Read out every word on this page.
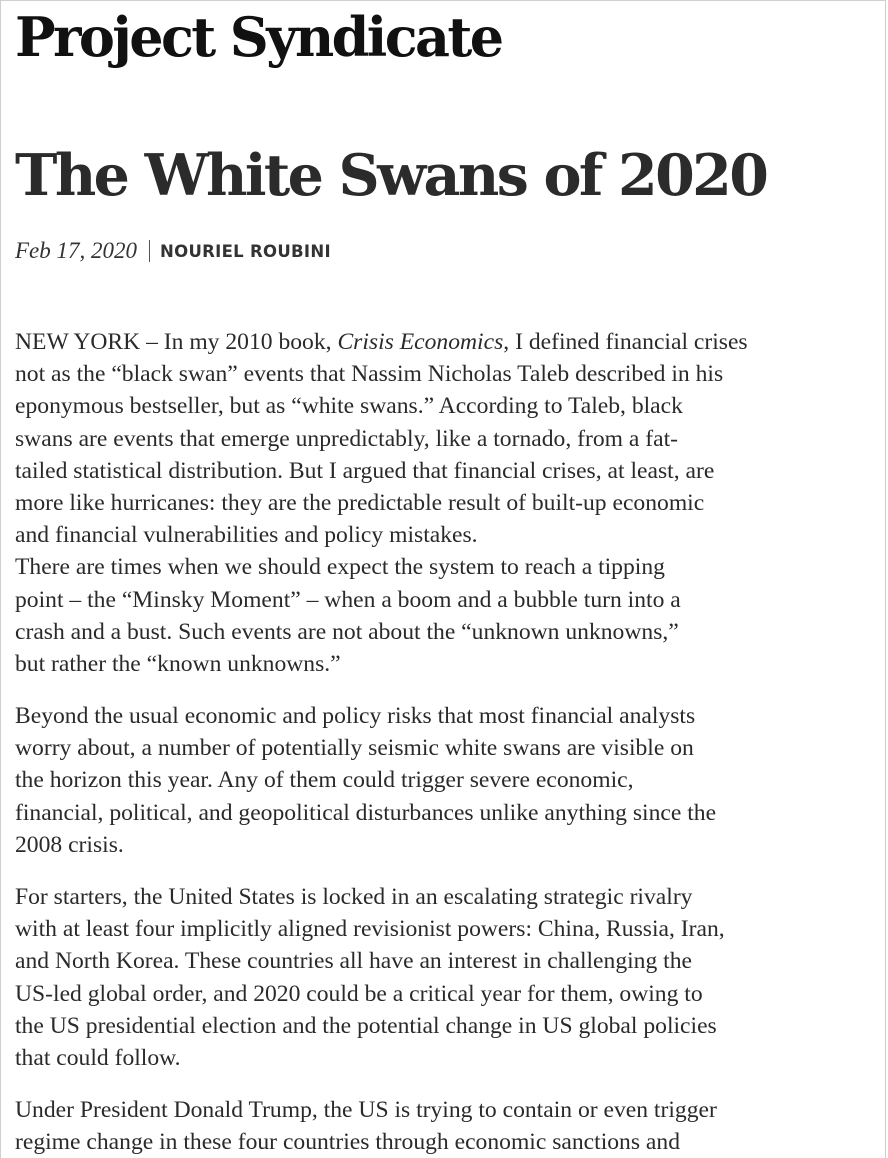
Project Syndicate
The White Swans of 2020
Feb 17, 2020 NOURIEL ROUBINI

NEW YORK – In my 2010 book, Crisis Economics, I defined financial crises
not as the “black swan” events that Nassim Nicholas Taleb described in his
eponymous bestseller, but as “white swans.” According to Taleb, black
swans are events that emerge unpredictably, like a tornado, from a fat-
tailed statistical distribution. But I argued that financial crises, at least, are
more like hurricanes: they are the predictable result of built-up economic
and financial vulnerabilities and policy mistakes.

There are times when we should expect the system to reach a tipping
point – the “Minsky Moment” – when a boom and a bubble turn into a
crash and a bust. Such events are not about the “unknown unknowns,”
but rather the “known unknowns.”

Beyond the usual economic and policy risks that most financial analysts
worry about, a number of potentially seismic white swans are visible on
the horizon this year. Any of them could trigger severe economic,
financial, political, and geopolitical disturbances unlike anything since the
2008 crisis.

For starters, the United States is locked in an escalating strategic rivalry
with at least four implicitly aligned revisionist powers: China, Russia, Iran,
and North Korea. These countries all have an interest in challenging the
US-led global order, and 2020 could be a critical year for them, owing to
the US presidential election and the potential change in US global policies
that could follow.

Under President Donald Trump, the US is trying to contain or even trigger
regime change in these four countries through economic sanctions and
